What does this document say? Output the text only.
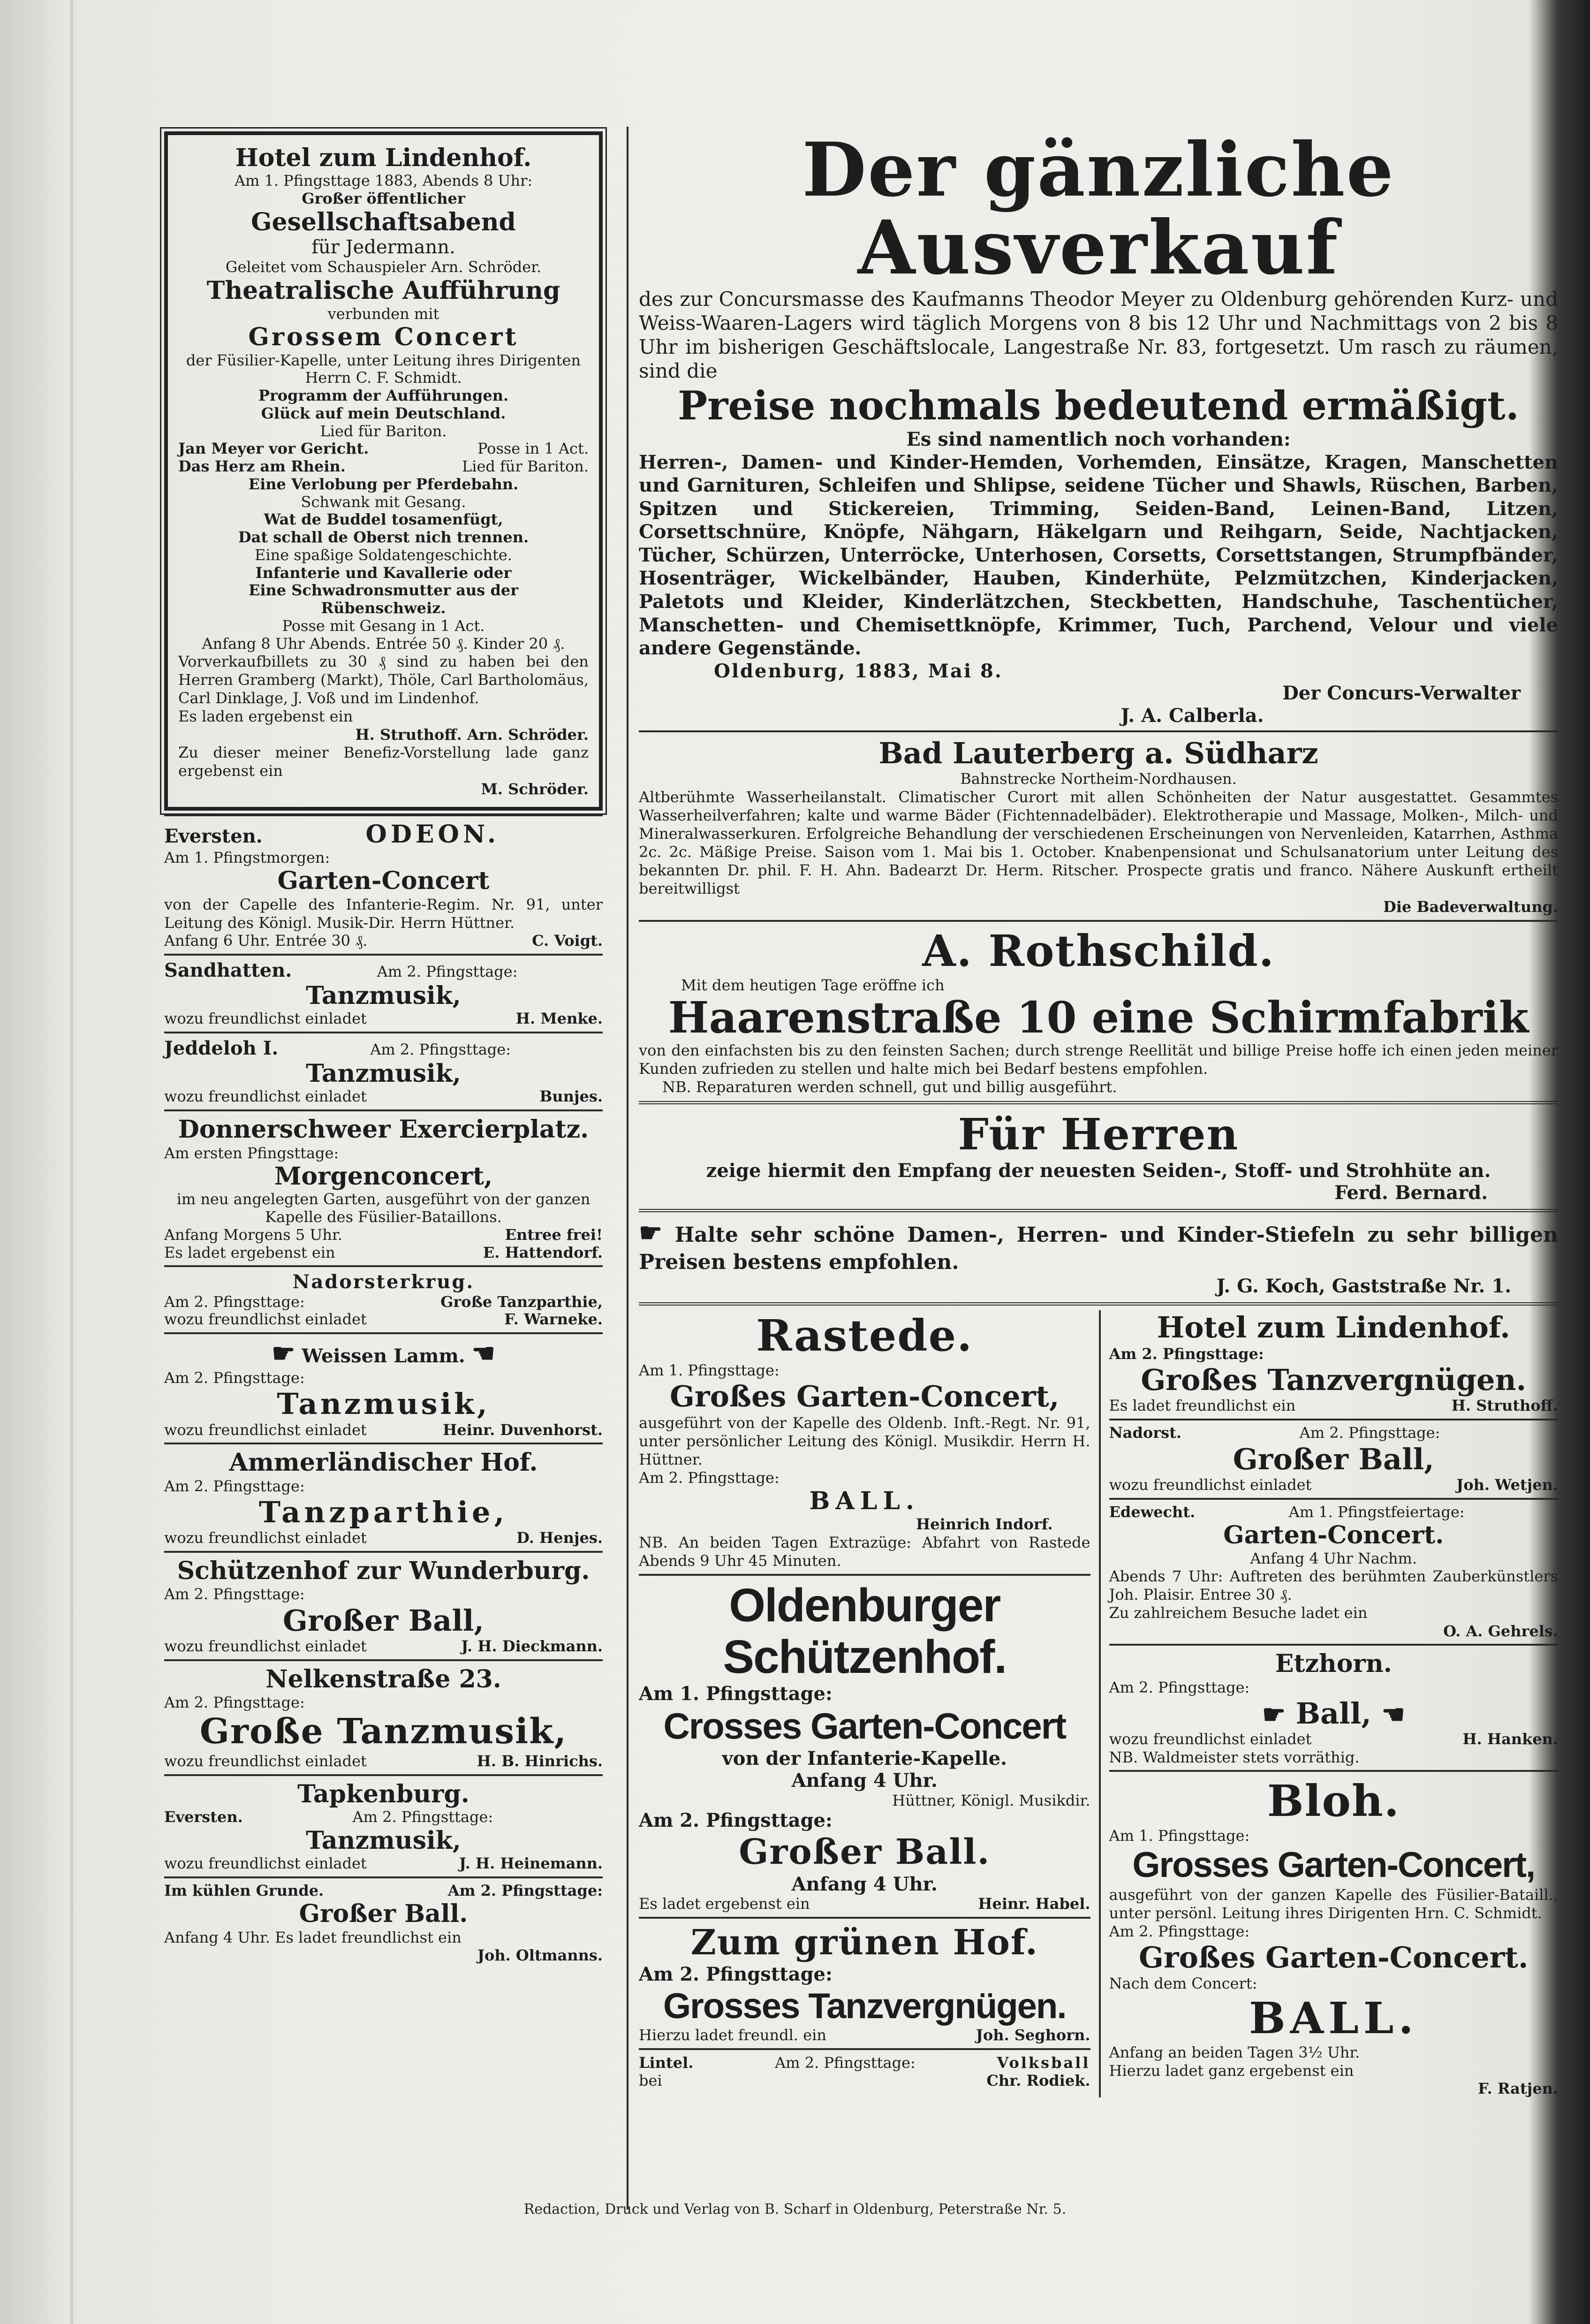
Hotel zum Lindenhof.
Am 1. Pfingsttage 1883, Abends 8 Uhr:
Großer öffentlicher
Gesellschaftsabend
für Jedermann.
Geleitet vom Schauspieler Arn. Schröder.
Theatralische Aufführung
verbunden mit
Grossem Concert
der Füsilier-Kapelle, unter Leitung ihres Dirigenten Herrn C. F. Schmidt.
Programm der Aufführungen.
Glück auf mein Deutschland.
Lied für Bariton.
Jan Meyer vor Gericht.	Posse in 1 Act.
Das Herz am Rhein.	Lied für Bariton.
Eine Verlobung per Pferdebahn.
Schwank mit Gesang.
Wat de Buddel tosamenfügt,
Dat schall de Oberst nich trennen.
Eine spaßige Soldatengeschichte.
Infanterie und Kavallerie oder
Eine Schwadronsmutter aus der
Rübenschweiz.
Posse mit Gesang in 1 Act.
Anfang 8 Uhr Abends. Entrée 50 ₰. Kinder 20 ₰.
Vorverkaufbillets zu 30 ₰ sind zu haben bei den Herren Gramberg (Markt), Thöle, Carl Bartholomäus, Carl Dinklage, J. Voß und im Lindenhof.
Es laden ergebenst ein
H. Struthoff. Arn. Schröder.
Zu dieser meiner Benefiz-Vorstellung lade ganz ergebenst ein
M. Schröder.
Eversten.	ODEON.
Am 1. Pfingstmorgen:
Garten-Concert
von der Capelle des Infanterie-Regim. Nr. 91, unter Leitung des Königl. Musik-Dir. Herrn Hüttner.
Anfang 6 Uhr. Entrée 30 ₰.	C. Voigt.
Sandhatten.	Am 2. Pfingsttage:
Tanzmusik,
wozu freundlichst einladet	H. Menke.
Jeddeloh I.	Am 2. Pfingsttage:
Tanzmusik,
wozu freundlichst einladet	Bunjes.
Donnerschweer Exercierplatz.
Am ersten Pfingsttage:
Morgenconcert,
im neu angelegten Garten, ausgeführt von der ganzen Kapelle des Füsilier-Bataillons.
Anfang Morgens 5 Uhr.	Entree frei!
Es ladet ergebenst ein	E. Hattendorf.
Nadorsterkrug.
Am 2. Pfingsttage:	Große Tanzparthie,
wozu freundlichst einladet	F. Warneke.
☛ Weissen Lamm. ☚
Am 2. Pfingsttage:
Tanzmusik,
wozu freundlichst einladet	Heinr. Duvenhorst.
Ammerländischer Hof.
Am 2. Pfingsttage:
Tanzparthie,
wozu freundlichst einladet	D. Henjes.
Schützenhof zur Wunderburg.
Am 2. Pfingsttage:
Großer Ball,
wozu freundlichst einladet	J. H. Dieckmann.
Nelkenstraße 23.
Am 2. Pfingsttage:
Große Tanzmusik,
wozu freundlichst einladet	H. B. Hinrichs.
Tapkenburg.
Eversten.	Am 2. Pfingsttage:
Tanzmusik,
wozu freundlichst einladet	J. H. Heinemann.
Im kühlen Grunde.	Am 2. Pfingsttage:
Großer Ball.
Anfang 4 Uhr. Es ladet freundlichst ein
Joh. Oltmanns.
Der gänzliche Ausverkauf
des zur Concursmasse des Kaufmanns Theodor Meyer zu Oldenburg gehörenden Kurz- und Weiss-Waaren-Lagers wird täglich Morgens von 8 bis 12 Uhr und Nachmittags von 2 bis 8 Uhr im bisherigen Geschäftslocale, Langestraße Nr. 83, fortgesetzt. Um rasch zu räumen, sind die
Preise nochmals bedeutend ermäßigt.
Es sind namentlich noch vorhanden:
Herren-, Damen- und Kinder-Hemden, Vorhemden, Einsätze, Kragen, Manschetten und Garnituren, Schleifen und Shlipse, seidene Tücher und Shawls, Rüschen, Barben, Spitzen und Stickereien, Trimming, Seiden-Band, Leinen-Band, Litzen, Corsettschnüre, Knöpfe, Nähgarn, Häkelgarn und Reihgarn, Seide, Nachtjacken, Tücher, Schürzen, Unterröcke, Unterhosen, Corsetts, Corsettstangen, Strumpfbänder, Hosenträger, Wickelbänder, Hauben, Kinderhüte, Pelzmützchen, Kinderjacken, Paletots und Kleider, Kinderlätzchen, Steckbetten, Handschuhe, Taschentücher, Manschetten- und Chemisettknöpfe, Krimmer, Tuch, Parchend, Velour und viele andere Gegenstände.
Oldenburg, 1883, Mai 8.
Der Concurs-Verwalter
J. A. Calberla.
Bad Lauterberg a. Südharz
Bahnstrecke Northeim-Nordhausen.
Altberühmte Wasserheilanstalt. Climatischer Curort mit allen Schönheiten der Natur ausgestattet. Gesammtes Wasserheilverfahren; kalte und warme Bäder (Fichtennadelbäder). Elektrotherapie und Massage, Molken-, Milch- und Mineralwasserkuren. Erfolgreiche Behandlung der verschiedenen Erscheinungen von Nervenleiden, Katarrhen, Asthma 2c. 2c. Mäßige Preise. Saison vom 1. Mai bis 1. October. Knabenpensionat und Schulsanatorium unter Leitung des bekannten Dr. phil. F. H. Ahn. Badearzt Dr. Herm. Ritscher. Prospecte gratis und franco. Nähere Auskunft ertheilt bereitwilligst
Die Badeverwaltung.
A. Rothschild.
Mit dem heutigen Tage eröffne ich
Haarenstraße 10 eine Schirmfabrik
von den einfachsten bis zu den feinsten Sachen; durch strenge Reellität und billige Preise hoffe ich einen jeden meiner Kunden zufrieden zu stellen und halte mich bei Bedarf bestens empfohlen.
NB. Reparaturen werden schnell, gut und billig ausgeführt.
Für Herren
zeige hiermit den Empfang der neuesten Seiden-, Stoff- und Strohhüte an.
Ferd. Bernard.
☛ Halte sehr schöne Damen-, Herren- und Kinder-Stiefeln zu sehr billigen Preisen bestens empfohlen.
J. G. Koch, Gaststraße Nr. 1.
Rastede.
Am 1. Pfingsttage:
Großes Garten-Concert,
ausgeführt von der Kapelle des Oldenb. Inft.-Regt. Nr. 91, unter persönlicher Leitung des Königl. Musikdir. Herrn H. Hüttner.
Am 2. Pfingsttage:
BALL.
Heinrich Indorf.
NB. An beiden Tagen Extrazüge: Abfahrt von Rastede Abends 9 Uhr 45 Minuten.
Oldenburger Schützenhof.
Am 1. Pfingsttage:
Crosses Garten-Concert
von der Infanterie-Kapelle.
Anfang 4 Uhr.
Hüttner, Königl. Musikdir.
Am 2. Pfingsttage:
Großer Ball.
Anfang 4 Uhr.
Es ladet ergebenst ein	Heinr. Habel.
Zum grünen Hof.
Am 2. Pfingsttage:
Grosses Tanzvergnügen.
Hierzu ladet freundl. ein	Joh. Seghorn.
Lintel.	Am 2. Pfingsttage:	Volksball
bei	Chr. Rodiek.
Hotel zum Lindenhof.
Am 2. Pfingsttage:
Großes Tanzvergnügen.
Es ladet freundlichst ein	H. Struthoff.
Nadorst.	Am 2. Pfingsttage:
Großer Ball,
wozu freundlichst einladet	Joh. Wetjen.
Edewecht.	Am 1. Pfingstfeiertage:
Garten-Concert.
Anfang 4 Uhr Nachm.
Abends 7 Uhr: Auftreten des berühmten Zauberkünstlers Joh. Plaisir. Entree 30 ₰.
Zu zahlreichem Besuche ladet ein
O. A. Gehrels.
Etzhorn.
Am 2. Pfingsttage:
☛ Ball, ☚
wozu freundlichst einladet	H. Hanken.
NB. Waldmeister stets vorräthig.
Bloh.
Am 1. Pfingsttage:
Grosses Garten-Concert,
ausgeführt von der ganzen Kapelle des Füsilier-Bataill., unter persönl. Leitung ihres Dirigenten Hrn. C. Schmidt.
Am 2. Pfingsttage:
Großes Garten-Concert.
Nach dem Concert:
BALL.
Anfang an beiden Tagen 3½ Uhr.
Hierzu ladet ganz ergebenst ein
F. Ratjen.
Redaction, Druck und Verlag von B. Scharf in Oldenburg, Peterstraße Nr. 5.
